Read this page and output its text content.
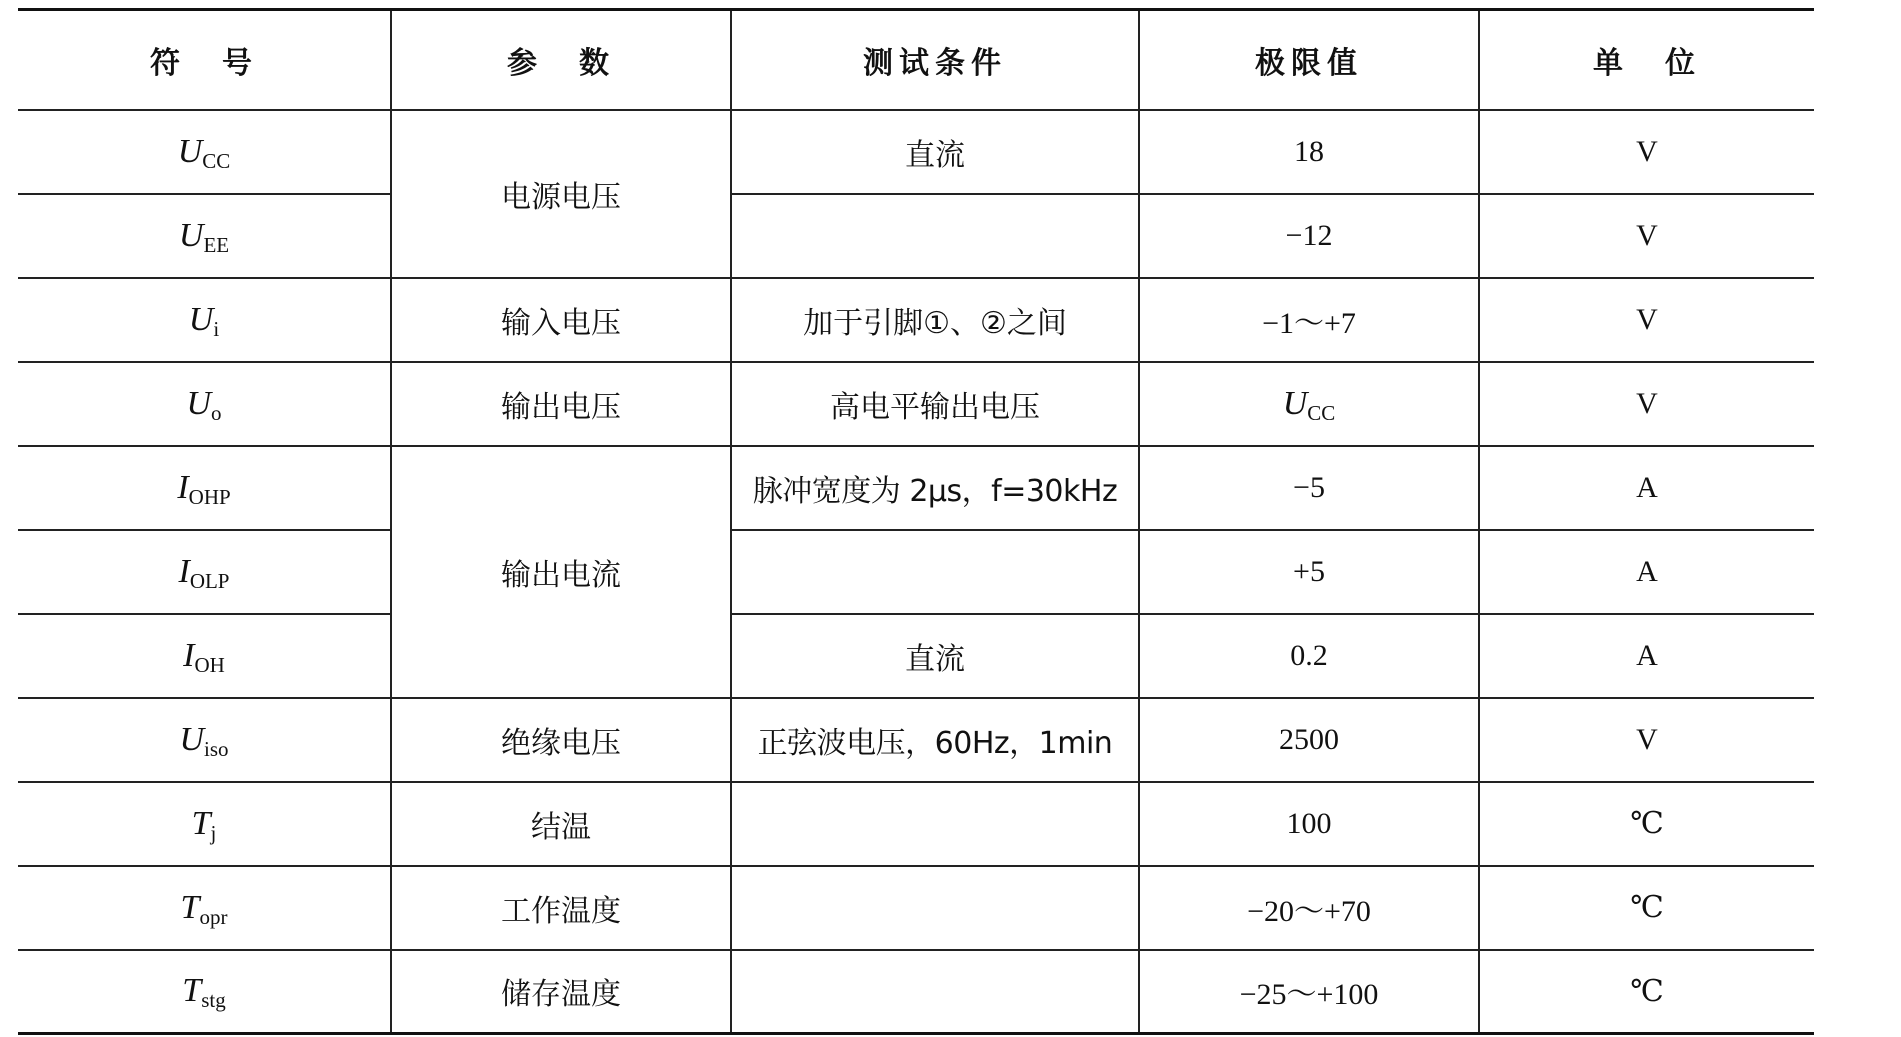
符　号	参　数	测试条件	极限值	单　位
$U_{CC}$	电源电压	直流	18	V
$U_{EE}$			−12	V
$U_i$	输入电压	加于引脚①、②之间	−1～+7	V
$U_o$	输出电压	高电平输出电压	$U_{CC}$	V
$I_{OHP}$	输出电流	脉冲宽度为 2μs，f=30kHz	−5	A
$I_{OLP}$			+5	A
$I_{OH}$		直流	0.2	A
$U_{iso}$	绝缘电压	正弦波电压，60Hz，1min	2500	V
$T_j$	结温		100	℃
$T_{opr}$	工作温度		−20～+70	℃
$T_{stg}$	储存温度		−25～+100	℃
